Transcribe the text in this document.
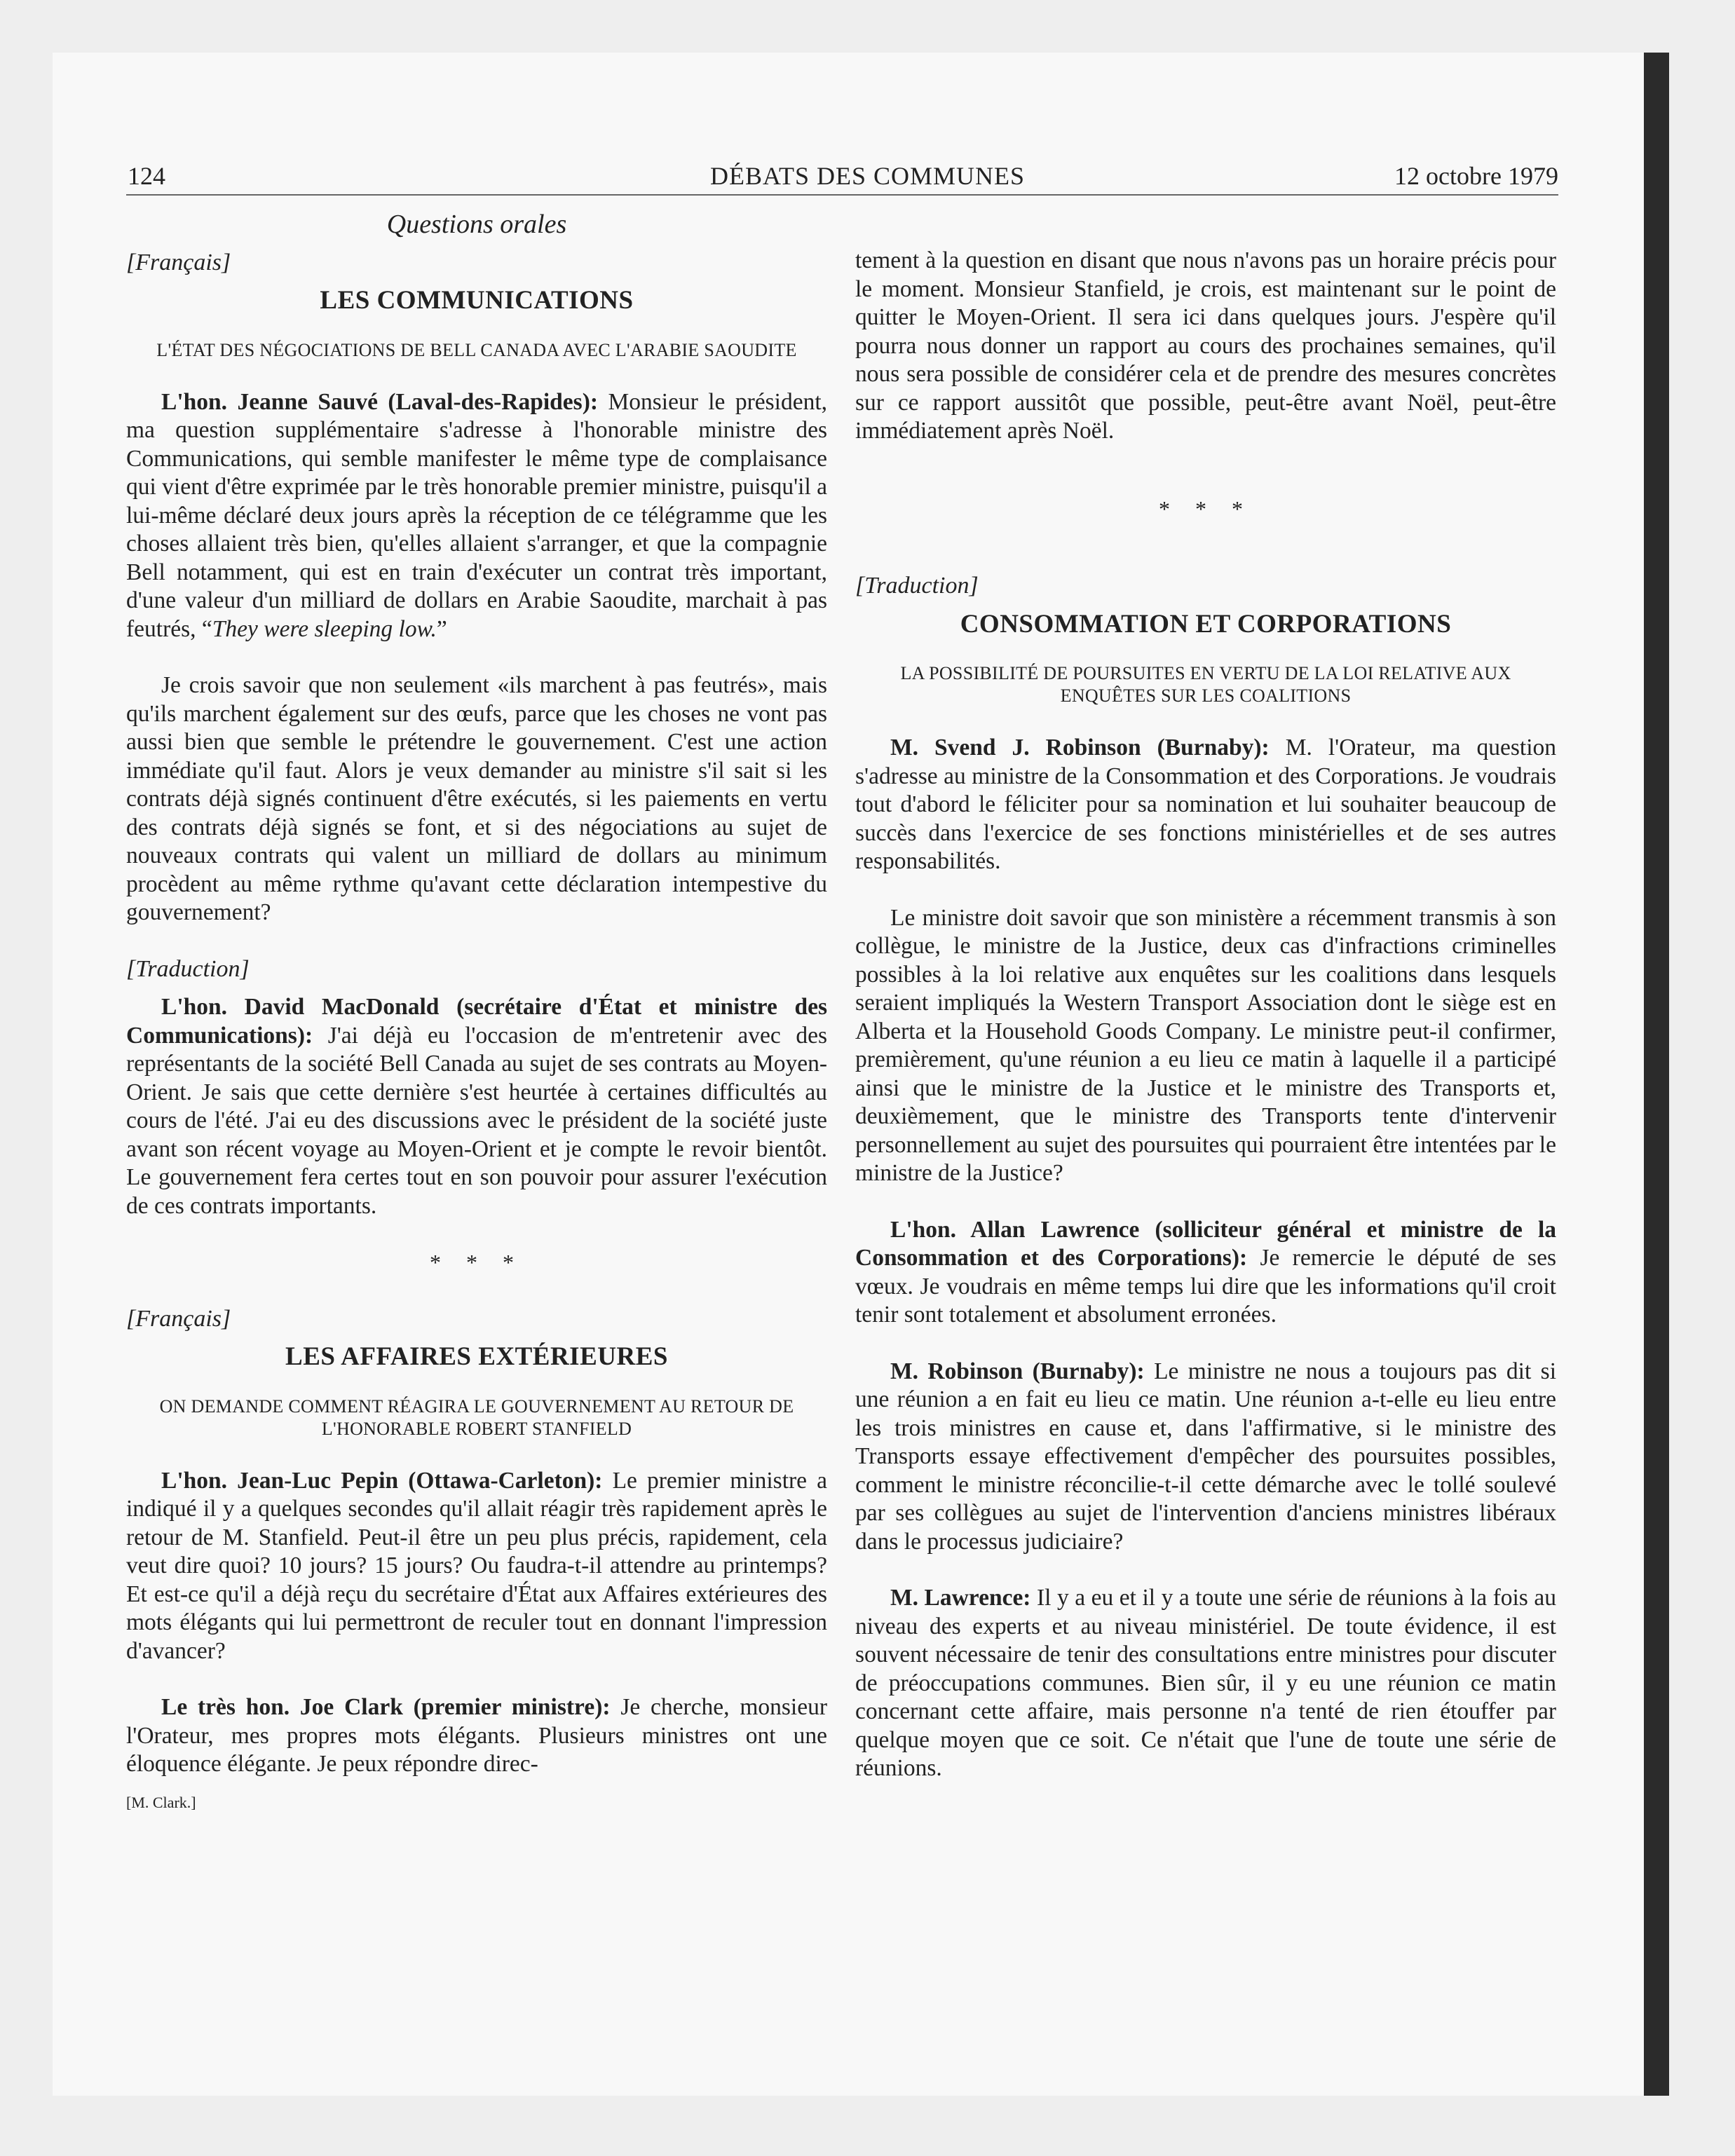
124	DÉBATS DES COMMUNES	12 octobre 1979

Questions orales

[Français]

LES COMMUNICATIONS

L'ÉTAT DES NÉGOCIATIONS DE BELL CANADA AVEC L'ARABIE SAOUDITE

L'hon. Jeanne Sauvé (Laval-des-Rapides): Monsieur le président, ma question supplémentaire s'adresse à l'honorable ministre des Communications, qui semble manifester le même type de complaisance qui vient d'être exprimée par le très honorable premier ministre, puisqu'il a lui-même déclaré deux jours après la réception de ce télégramme que les choses allaient très bien, qu'elles allaient s'arranger, et que la compagnie Bell notamment, qui est en train d'exécuter un contrat très important, d'une valeur d'un milliard de dollars en Arabie Saoudite, marchait à pas feutrés, “They were sleeping low.”

Je crois savoir que non seulement «ils marchent à pas feutrés», mais qu'ils marchent également sur des œufs, parce que les choses ne vont pas aussi bien que semble le prétendre le gouvernement. C'est une action immédiate qu'il faut. Alors je veux demander au ministre s'il sait si les contrats déjà signés continuent d'être exécutés, si les paiements en vertu des contrats déjà signés se font, et si des négociations au sujet de nouveaux contrats qui valent un milliard de dollars au minimum procèdent au même rythme qu'avant cette déclaration intempestive du gouvernement?

[Traduction]

L'hon. David MacDonald (secrétaire d'État et ministre des Communications): J'ai déjà eu l'occasion de m'entretenir avec des représentants de la société Bell Canada au sujet de ses contrats au Moyen-Orient. Je sais que cette dernière s'est heurtée à certaines difficultés au cours de l'été. J'ai eu des discussions avec le président de la société juste avant son récent voyage au Moyen-Orient et je compte le revoir bientôt. Le gouvernement fera certes tout en son pouvoir pour assurer l'exécution de ces contrats importants.

* * *

[Français]

LES AFFAIRES EXTÉRIEURES

ON DEMANDE COMMENT RÉAGIRA LE GOUVERNEMENT AU RETOUR DE L'HONORABLE ROBERT STANFIELD

L'hon. Jean-Luc Pepin (Ottawa-Carleton): Le premier ministre a indiqué il y a quelques secondes qu'il allait réagir très rapidement après le retour de M. Stanfield. Peut-il être un peu plus précis, rapidement, cela veut dire quoi? 10 jours? 15 jours? Ou faudra-t-il attendre au printemps? Et est-ce qu'il a déjà reçu du secrétaire d'État aux Affaires extérieures des mots élégants qui lui permettront de reculer tout en donnant l'impression d'avancer?

Le très hon. Joe Clark (premier ministre): Je cherche, monsieur l'Orateur, mes propres mots élégants. Plusieurs ministres ont une éloquence élégante. Je peux répondre direc-

[M. Clark.]

tement à la question en disant que nous n'avons pas un horaire précis pour le moment. Monsieur Stanfield, je crois, est maintenant sur le point de quitter le Moyen-Orient. Il sera ici dans quelques jours. J'espère qu'il pourra nous donner un rapport au cours des prochaines semaines, qu'il nous sera possible de considérer cela et de prendre des mesures concrètes sur ce rapport aussitôt que possible, peut-être avant Noël, peut-être immédiatement après Noël.

* * *

[Traduction]

CONSOMMATION ET CORPORATIONS

LA POSSIBILITÉ DE POURSUITES EN VERTU DE LA LOI RELATIVE AUX ENQUÊTES SUR LES COALITIONS

M. Svend J. Robinson (Burnaby): M. l'Orateur, ma question s'adresse au ministre de la Consommation et des Corporations. Je voudrais tout d'abord le féliciter pour sa nomination et lui souhaiter beaucoup de succès dans l'exercice de ses fonctions ministérielles et de ses autres responsabilités.

Le ministre doit savoir que son ministère a récemment transmis à son collègue, le ministre de la Justice, deux cas d'infractions criminelles possibles à la loi relative aux enquêtes sur les coalitions dans lesquels seraient impliqués la Western Transport Association dont le siège est en Alberta et la Household Goods Company. Le ministre peut-il confirmer, premièrement, qu'une réunion a eu lieu ce matin à laquelle il a participé ainsi que le ministre de la Justice et le ministre des Transports et, deuxièmement, que le ministre des Transports tente d'intervenir personnellement au sujet des poursuites qui pourraient être intentées par le ministre de la Justice?

L'hon. Allan Lawrence (solliciteur général et ministre de la Consommation et des Corporations): Je remercie le député de ses vœux. Je voudrais en même temps lui dire que les informations qu'il croit tenir sont totalement et absolument erronées.

M. Robinson (Burnaby): Le ministre ne nous a toujours pas dit si une réunion a en fait eu lieu ce matin. Une réunion a-t-elle eu lieu entre les trois ministres en cause et, dans l'affirmative, si le ministre des Transports essaye effectivement d'empêcher des poursuites possibles, comment le ministre réconcilie-t-il cette démarche avec le tollé soulevé par ses collègues au sujet de l'intervention d'anciens ministres libéraux dans le processus judiciaire?

M. Lawrence: Il y a eu et il y a toute une série de réunions à la fois au niveau des experts et au niveau ministériel. De toute évidence, il est souvent nécessaire de tenir des consultations entre ministres pour discuter de préoccupations communes. Bien sûr, il y eu une réunion ce matin concernant cette affaire, mais personne n'a tenté de rien étouffer par quelque moyen que ce soit. Ce n'était que l'une de toute une série de réunions.
